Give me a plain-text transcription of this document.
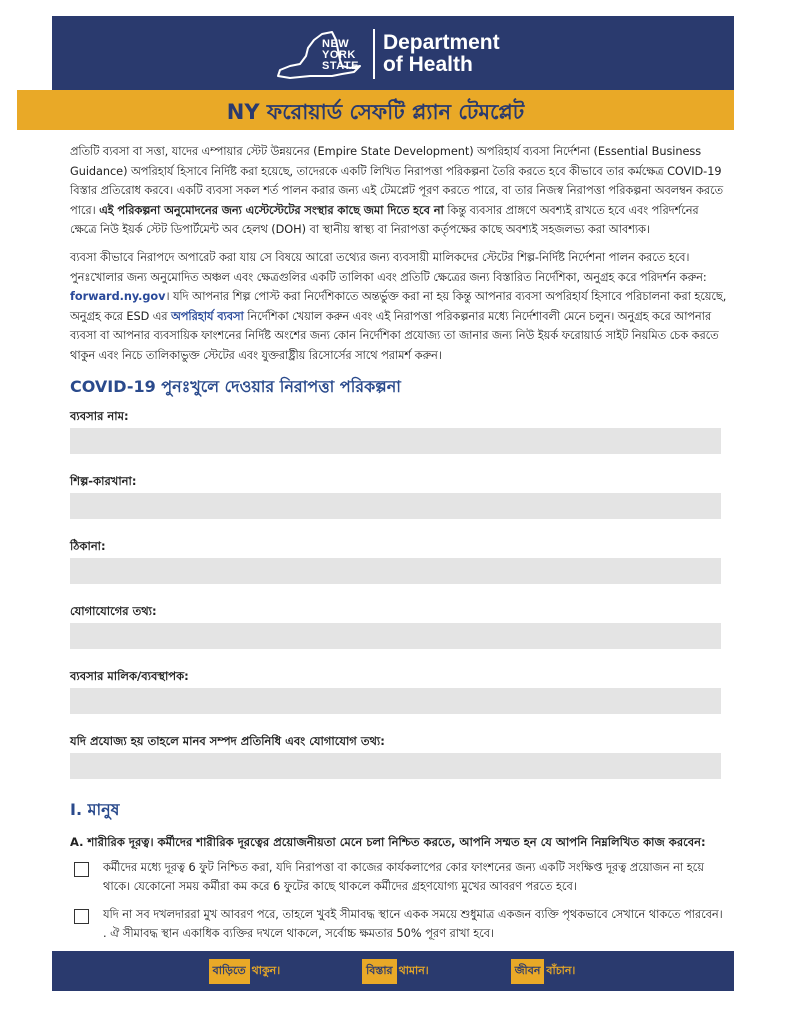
NEW
YORK
STATE
Department
of Health
NY ফরোয়ার্ড সেফটি প্ল্যান টেমপ্লেট

প্রতিটি ব্যবসা বা সত্তা, যাদের এম্পায়ার স্টেট উন্নয়নের (Empire State Development) অপরিহার্য ব্যবসা নির্দেশনা (Essential Business Guidance) অপরিহার্য হিসাবে নির্দিষ্ট করা হয়েছে, তাদেরকে একটি লিখিত নিরাপত্তা পরিকল্পনা তৈরি করতে হবে কীভাবে তার কর্মক্ষেত্র COVID-19 বিস্তার প্রতিরোধ করবে। একটি ব্যবসা সকল শর্ত পালন করার জন্য এই টেমপ্লেট পূরণ করতে পারে, বা তার নিজস্ব নিরাপত্তা পরিকল্পনা অবলম্বন করতে পারে। এই পরিকল্পনা অনুমোদনের জন্য এস্টেস্টেটের সংস্থার কাছে জমা দিতে হবে না কিন্তু ব্যবসার প্রাঙ্গণে অবশ্যই রাখতে হবে এবং পরিদর্শনের ক্ষেত্রে নিউ ইয়র্ক স্টেট ডিপার্টমেন্ট অব হেলথ (DOH) বা স্থানীয় স্বাস্থ্য বা নিরাপত্তা কর্তৃপক্ষের কাছে অবশ্যই সহজলভ্য করা আবশ্যক।

ব্যবসা কীভাবে নিরাপদে অপারেট করা যায় সে বিষয়ে আরো তথ্যের জন্য ব্যবসায়ী মালিকদের স্টেটের শিল্প-নির্দিষ্ট নির্দেশনা পালন করতে হবে। পুনঃখোলার জন্য অনুমোদিত অঞ্চল এবং ক্ষেত্রগুলির একটি তালিকা এবং প্রতিটি ক্ষেত্রের জন্য বিস্তারিত নির্দেশিকা, অনুগ্রহ করে পরিদর্শন করুন: forward.ny.gov। যদি আপনার শিল্প পোস্ট করা নির্দেশিকাতে অন্তর্ভুক্ত করা না হয় কিন্তু আপনার ব্যবসা অপরিহার্য হিসাবে পরিচালনা করা হয়েছে, অনুগ্রহ করে ESD এর অপরিহার্য ব্যবসা নির্দেশিকা খেয়াল করুন এবং এই নিরাপত্তা পরিকল্পনার মধ্যে নির্দেশাবলী মেনে চলুন। অনুগ্রহ করে আপনার ব্যবসা বা আপনার ব্যবসায়িক ফাংশনের নির্দিষ্ট অংশের জন্য কোন নির্দেশিকা প্রযোজ্য তা জানার জন্য নিউ ইয়র্ক ফরোয়ার্ড সাইট নিয়মিত চেক করতে থাকুন এবং নিচে তালিকাভুক্ত স্টেটের এবং যুক্তরাষ্ট্রীয় রিসোর্সের সাথে পরামর্শ করুন।

COVID-19 পুনঃখুলে দেওয়ার নিরাপত্তা পরিকল্পনা
ব্যবসার নাম:
শিল্প-কারখানা:
ঠিকানা:
যোগাযোগের তথ্য:
ব্যবসার মালিক/ব্যবস্থাপক:
যদি প্রযোজ্য হয় তাহলে মানব সম্পদ প্রতিনিধি এবং যোগাযোগ তথ্য:
I. মানুষ
A. শারীরিক দূরত্ব। কর্মীদের শারীরিক দূরত্বের প্রয়োজনীয়তা মেনে চলা নিশ্চিত করতে, আপনি সম্মত হন যে আপনি নিম্নলিখিত কাজ করবেন:
কর্মীদের মধ্যে দূরত্ব 6 ফুট নিশ্চিত করা, যদি নিরাপত্তা বা কাজের কার্যকলাপের কোর ফাংশনের জন্য একটি সংক্ষিপ্ত দূরত্ব প্রয়োজন না হয়ে থাকে। যেকোনো সময় কর্মীরা কম করে 6 ফুটের কাছে থাকলে কর্মীদের গ্রহণযোগ্য মুখের আবরণ পরতে হবে।
যদি না সব দখলদাররা মুখ আবরণ পরে, তাহলে খুবই সীমাবদ্ধ স্থানে একক সময়ে শুধুমাত্র একজন ব্যক্তি পৃথকভাবে সেখানে থাকতে পারবেন। . ঐ সীমাবদ্ধ স্থান একাধিক ব্যক্তির দখলে থাকলে, সর্বোচ্চ ক্ষমতার 50% পূরণ রাখা হবে।
বাড়িতে থাকুন।	বিস্তার থামান।	জীবন বাঁচান।
